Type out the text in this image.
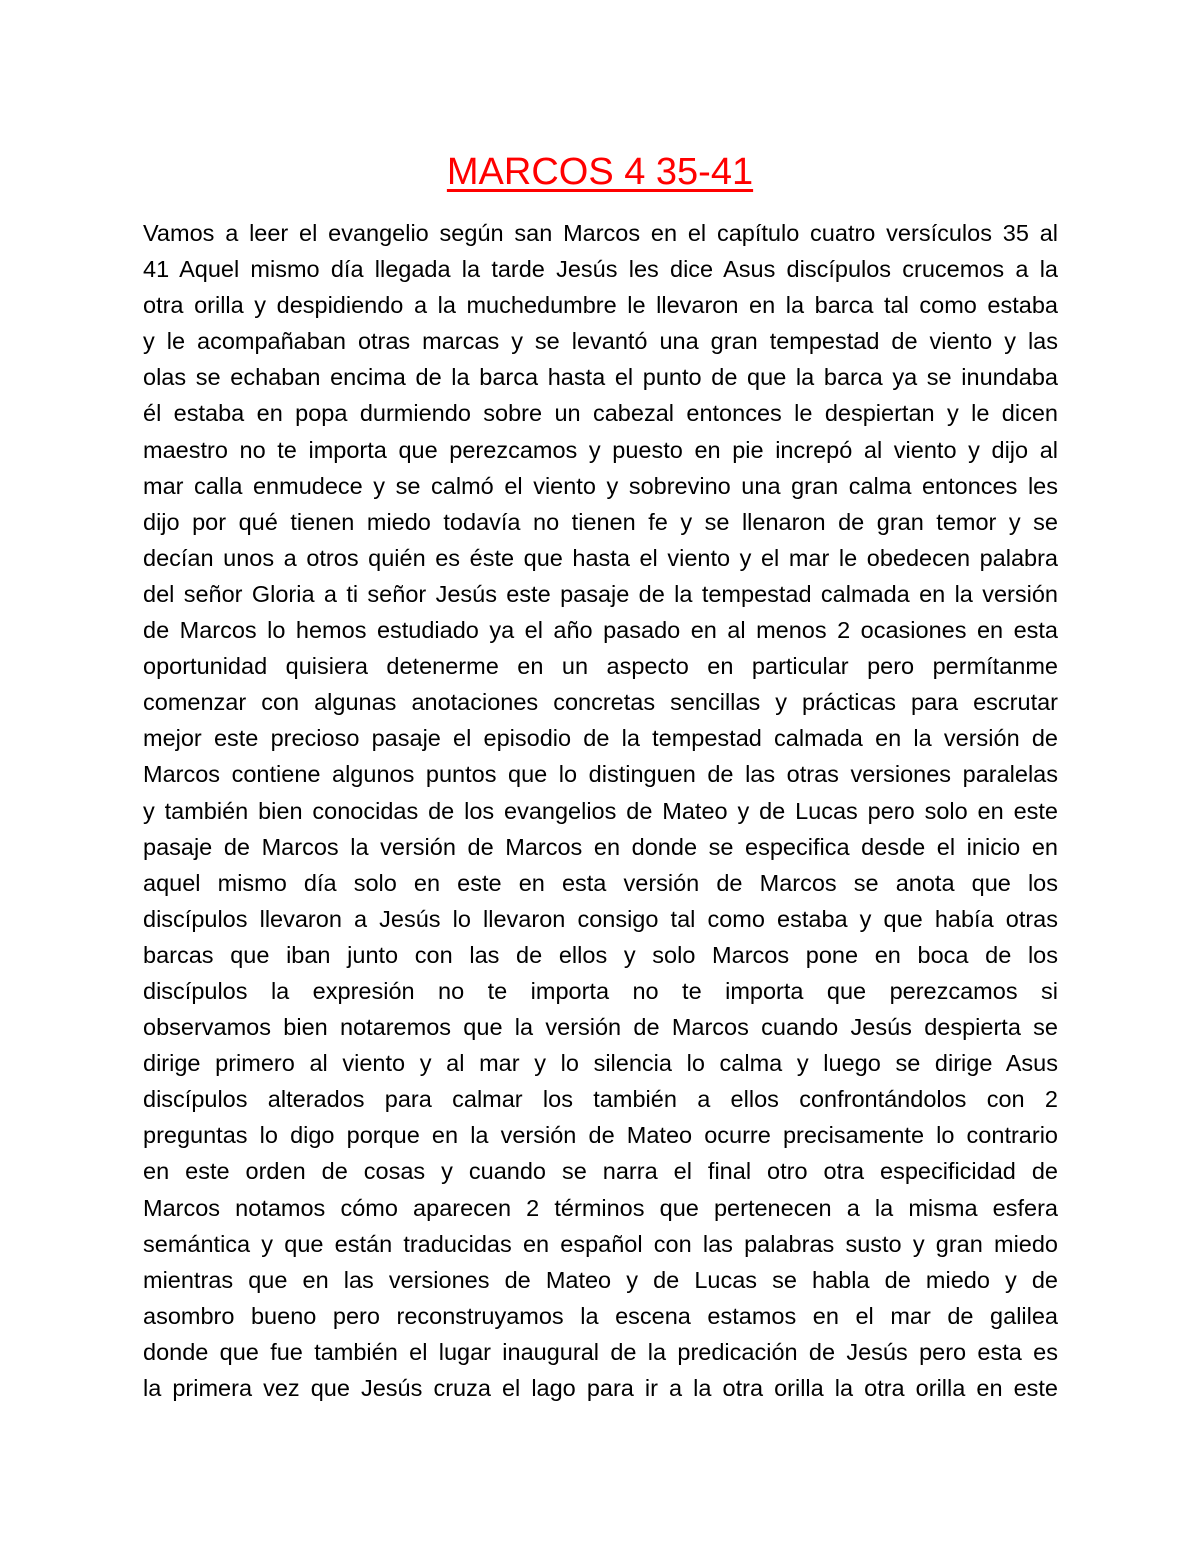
MARCOS 4 35-41
Vamos a leer el evangelio según san Marcos en el capítulo cuatro versículos 35 al
41 Aquel mismo día llegada la tarde Jesús les dice Asus discípulos crucemos a la
otra orilla y despidiendo a la muchedumbre le llevaron en la barca tal como estaba
y le acompañaban otras marcas y se levantó una gran tempestad de viento y las
olas se echaban encima de la barca hasta el punto de que la barca ya se inundaba
él estaba en popa durmiendo sobre un cabezal entonces le despiertan y le dicen
maestro no te importa que perezcamos y puesto en pie increpó al viento y dijo al
mar calla enmudece y se calmó el viento y sobrevino una gran calma entonces les
dijo por qué tienen miedo todavía no tienen fe y se llenaron de gran temor y se
decían unos a otros quién es éste que hasta el viento y el mar le obedecen palabra
del señor Gloria a ti señor Jesús este pasaje de la tempestad calmada en la versión
de Marcos lo hemos estudiado ya el año pasado en al menos 2 ocasiones en esta
oportunidad quisiera detenerme en un aspecto en particular pero permítanme
comenzar con algunas anotaciones concretas sencillas y prácticas para escrutar
mejor este precioso pasaje el episodio de la tempestad calmada en la versión de
Marcos contiene algunos puntos que lo distinguen de las otras versiones paralelas
y también bien conocidas de los evangelios de Mateo y de Lucas pero solo en este
pasaje de Marcos la versión de Marcos en donde se especifica desde el inicio en
aquel mismo día solo en este en esta versión de Marcos se anota que los
discípulos llevaron a Jesús lo llevaron consigo tal como estaba y que había otras
barcas que iban junto con las de ellos y solo Marcos pone en boca de los
discípulos la expresión no te importa no te importa que perezcamos si
observamos bien notaremos que la versión de Marcos cuando Jesús despierta se
dirige primero al viento y al mar y lo silencia lo calma y luego se dirige Asus
discípulos alterados para calmar los también a ellos confrontándolos con 2
preguntas lo digo porque en la versión de Mateo ocurre precisamente lo contrario
en este orden de cosas y cuando se narra el final otro otra especificidad de
Marcos notamos cómo aparecen 2 términos que pertenecen a la misma esfera
semántica y que están traducidas en español con las palabras susto y gran miedo
mientras que en las versiones de Mateo y de Lucas se habla de miedo y de
asombro bueno pero reconstruyamos la escena estamos en el mar de galilea
donde que fue también el lugar inaugural de la predicación de Jesús pero esta es
la primera vez que Jesús cruza el lago para ir a la otra orilla la otra orilla en este
